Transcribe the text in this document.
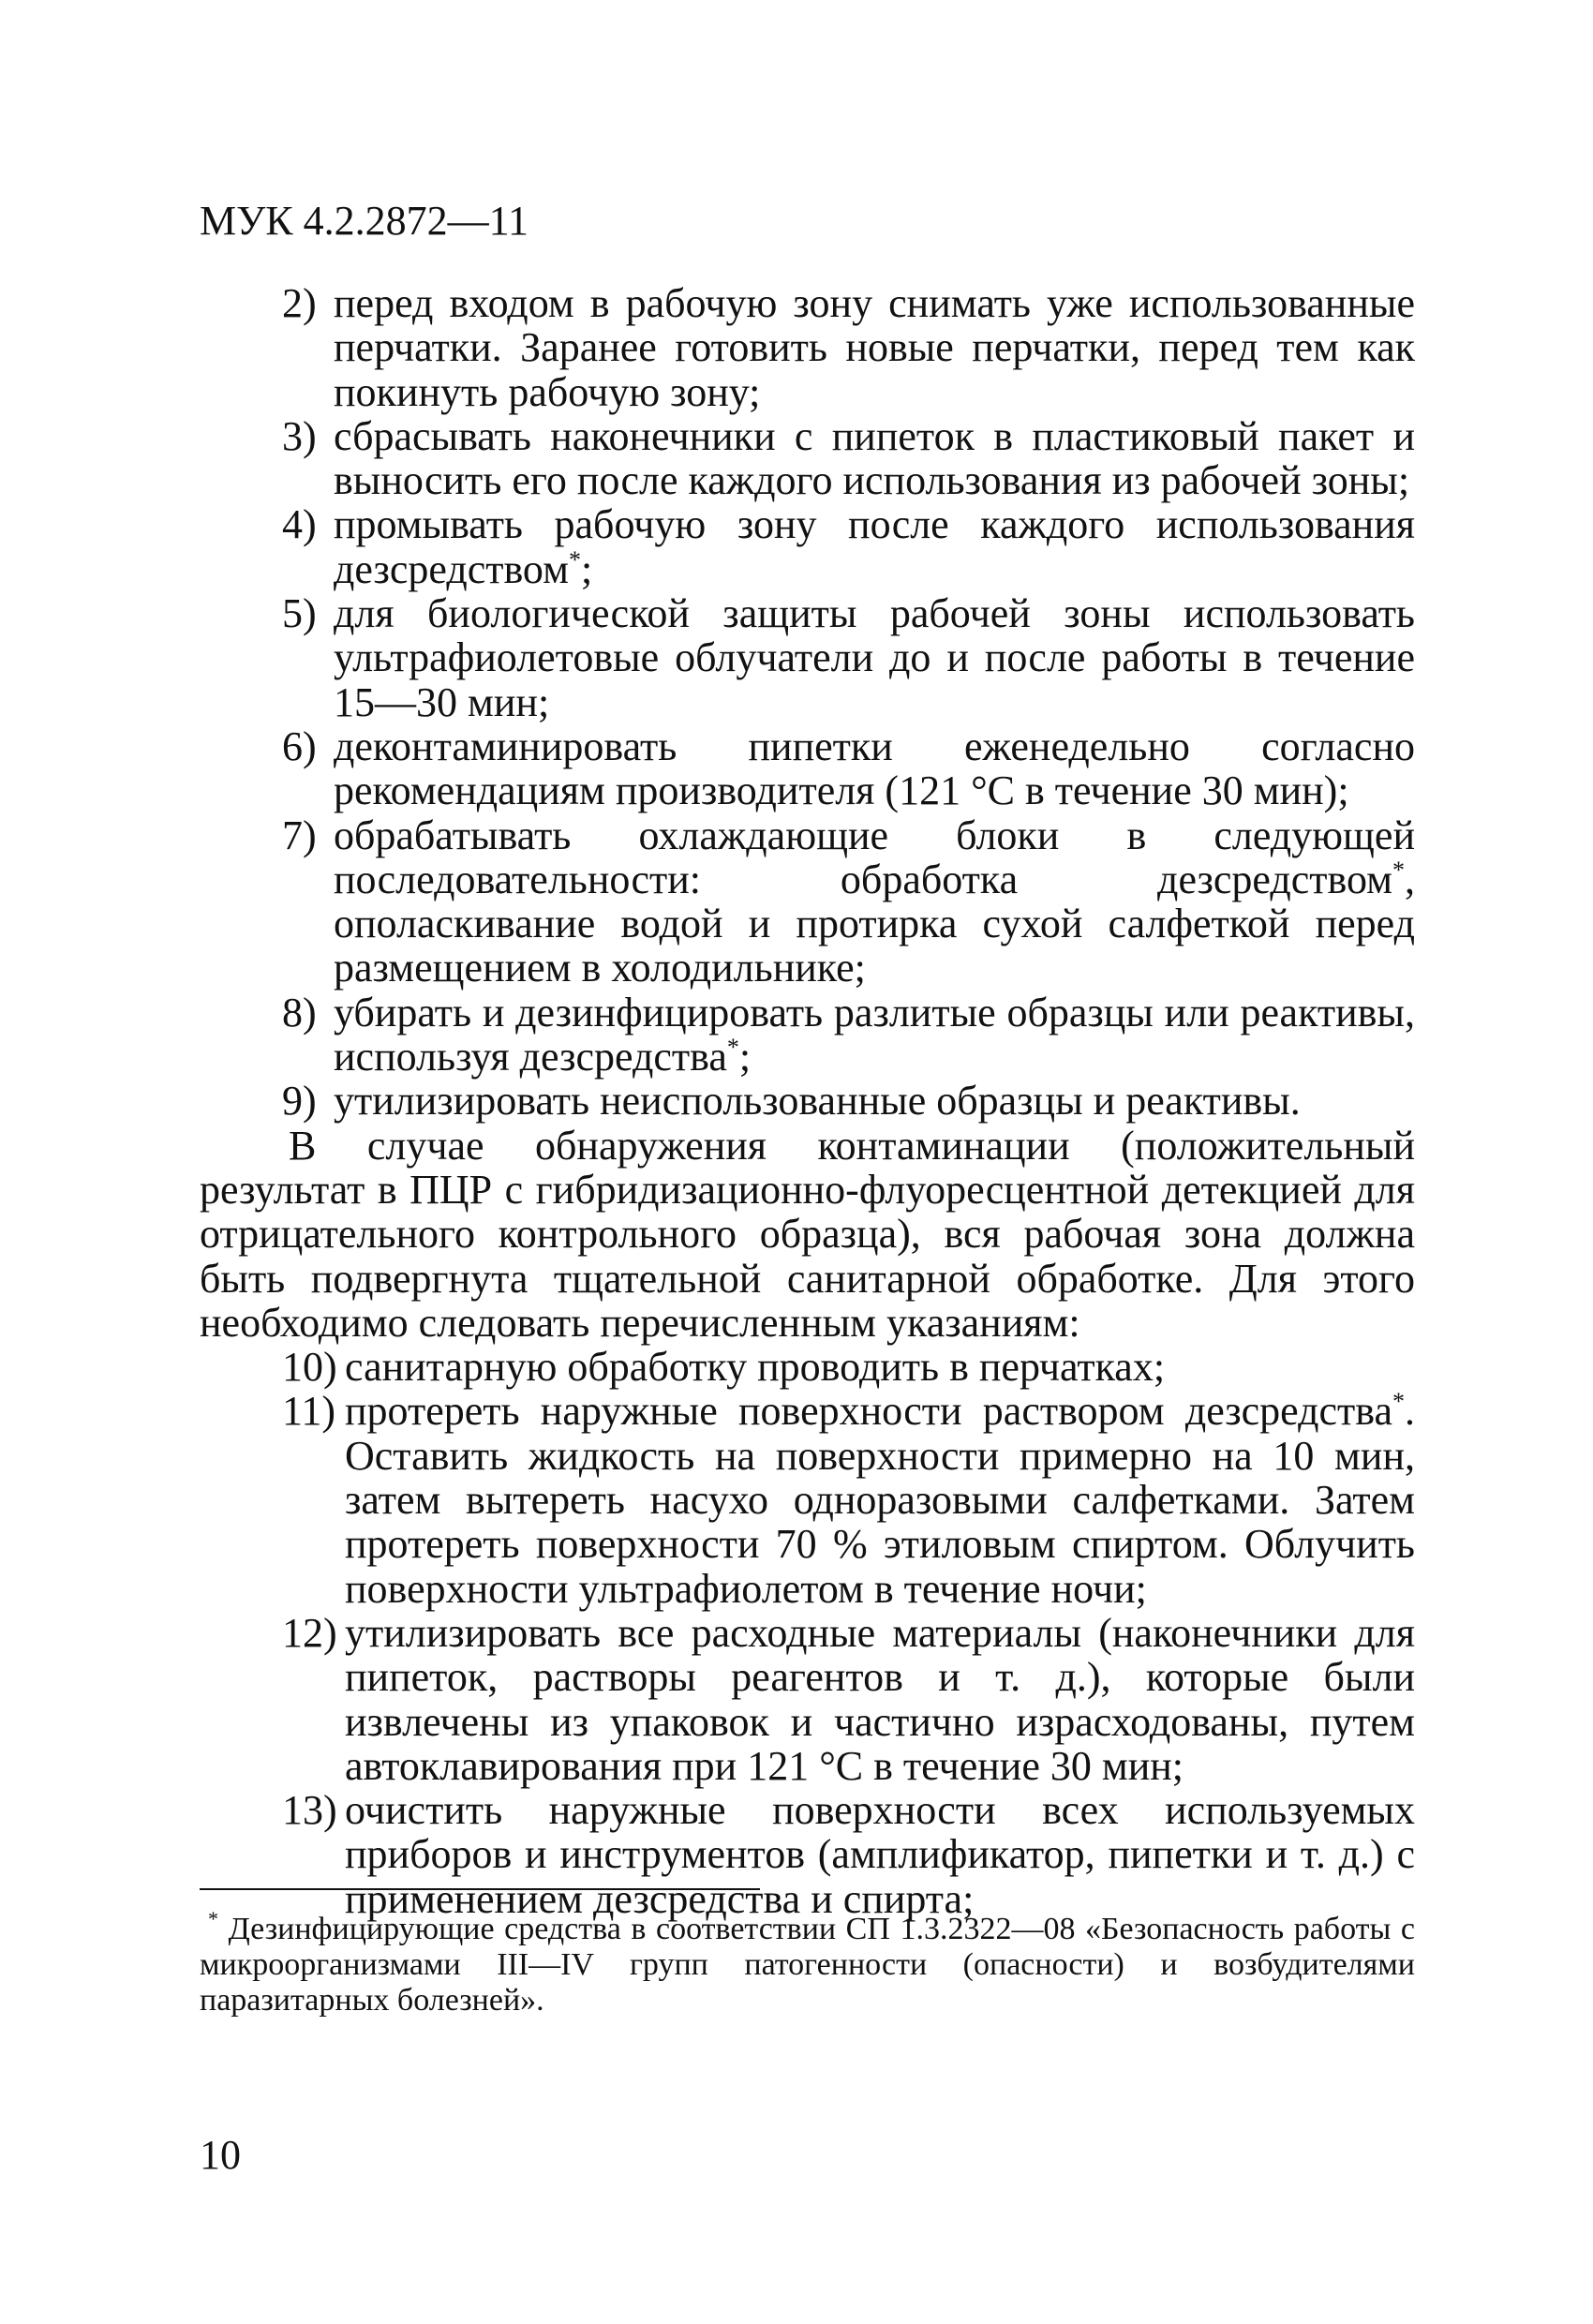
МУК 4.2.2872—11
2) перед входом в рабочую зону снимать уже использованные перчатки. Заранее готовить новые перчатки, перед тем как покинуть рабочую зону;
3) сбрасывать наконечники с пипеток в пластиковый пакет и выносить его после каждого использования из рабочей зоны;
4) промывать рабочую зону после каждого использования дезсредством*;
5) для биологической защиты рабочей зоны использовать ультрафиолетовые облучатели до и после работы в течение 15—30 мин;
6) деконтаминировать пипетки еженедельно согласно рекомендациям производителя (121 °С в течение 30 мин);
7) обрабатывать охлаждающие блоки в следующей последовательности: обработка дезсредством*, ополаскивание водой и протирка сухой салфеткой перед размещением в холодильнике;
8) убирать и дезинфицировать разлитые образцы или реактивы, используя дезсредства*;
9) утилизировать неиспользованные образцы и реактивы.
В случае обнаружения контаминации (положительный результат в ПЦР с гибридизационно-флуоресцентной детекцией для отрицательного контрольного образца), вся рабочая зона должна быть подвергнута тщательной санитарной обработке. Для этого необходимо следовать перечисленным указаниям:
10) санитарную обработку проводить в перчатках;
11) протереть наружные поверхности раствором дезсредства*. Оставить жидкость на поверхности примерно на 10 мин, затем вытереть насухо одноразовыми салфетками. Затем протереть поверхности 70 % этиловым спиртом. Облучить поверхности ультрафиолетом в течение ночи;
12) утилизировать все расходные материалы (наконечники для пипеток, растворы реагентов и т. д.), которые были извлечены из упаковок и частично израсходованы, путем автоклавирования при 121 °С в течение 30 мин;
13) очистить наружные поверхности всех используемых приборов и инструментов (амплификатор, пипетки и т. д.) с применением дезсредства и спирта;
* Дезинфицирующие средства в соответствии СП 1.3.2322—08 «Безопасность работы с микроорганизмами III—IV групп патогенности (опасности) и возбудителями паразитарных болезней».
10
